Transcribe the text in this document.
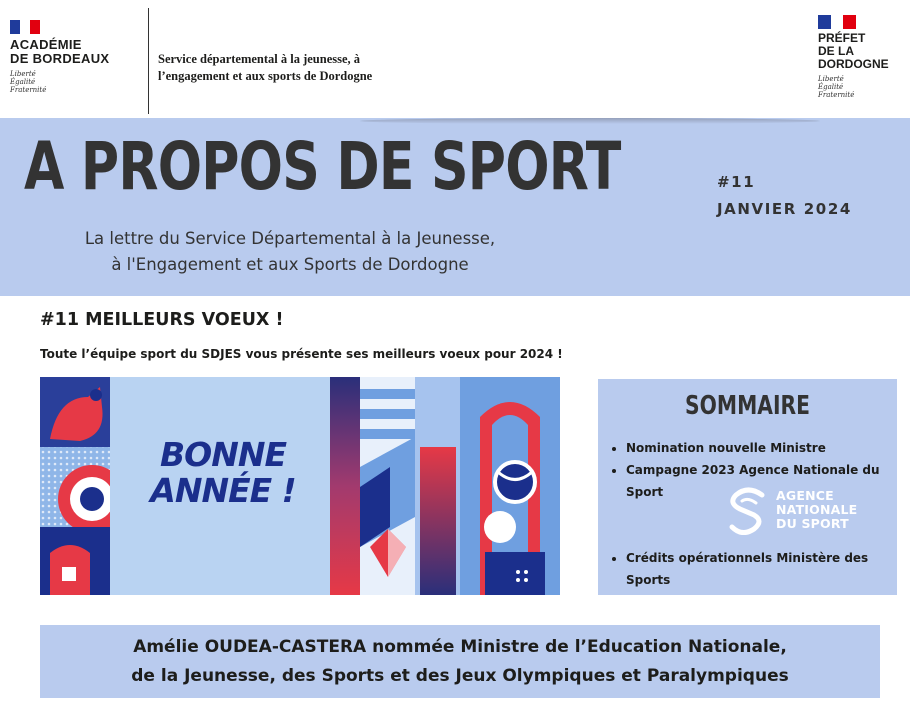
ACADÉMIE
DE BORDEAUX
Liberté
Égalité
Fraternité
Service départemental à la jeunesse, à
l’engagement et aux sports de Dordogne
PRÉFET
DE LA
DORDOGNE
Liberté
Égalité
Fraternité
A PROPOS DE SPORT
La lettre du Service Départemental à la Jeunesse,
à l'Engagement et aux Sports de Dordogne
#11
JANVIER 2024
#11 MEILLEURS VOEUX !
Toute l’équipe sport du SDJES vous présente ses meilleurs voeux pour 2024 !
BONNE
ANNÉE !
SOMMAIRE
• Nomination nouvelle Ministre
• Campagne 2023 Agence Nationale du Sport
• Crédits opérationnels Ministère des Sports
AGENCE
NATIONALE
DU SPORT
Amélie OUDEA-CASTERA nommée Ministre de l’Education Nationale,
de la Jeunesse, des Sports et des Jeux Olympiques et Paralympiques
